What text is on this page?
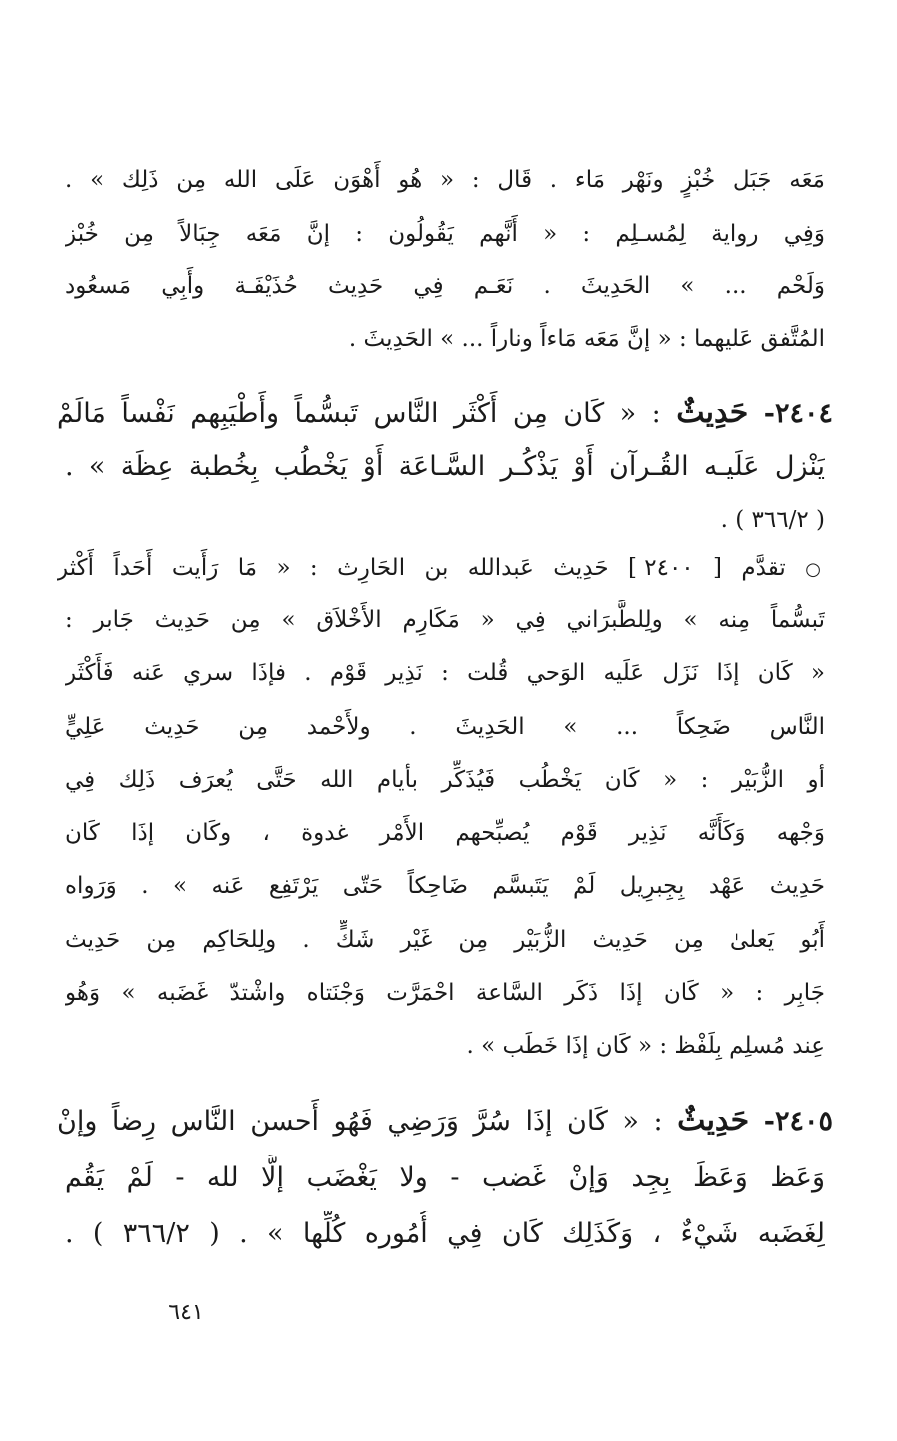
مَعَه جَبَل خُبْزٍ ونَهْر مَاء . قَال : « هُو أَهْوَن عَلَى الله مِن ذَلِك » .
وَفِي رواية لِمُسـلِم : « أَنَّهم يَقُولُون : إنَّ مَعَه جِبَالاً مِن خُبْز
وَلَحْم ... » الحَدِيثَ . نَعَـم فِي حَدِيث حُذَيْفَـة وأَبِي مَسعُود
المُتَّفق عَليهما : « إنَّ مَعَه مَاءاً وناراً ... » الحَدِيثَ .
٢٤٠٤- حَدِيثٌ : « كَان مِن أَكْثَر النَّاس تَبسُّماً وأَطْيَبِهم نَفْساً مَالَمْ
يَنْزل عَلَيـه القُـرآن أَوْ يَذْكُـر السَّـاعَة أَوْ يَخْطُب بِخُطبة عِظَة » .
( ٣٦٦/٢ ) .
○ تقدَّم [ ٢٤٠٠ ] حَدِيث عَبدالله بن الحَارِث : « مَا رَأَيت أَحَداً أَكْثر
تَبسُّماً مِنه » ولِلطَّبرَاني فِي « مَكَارِم الأَخْلاَق » مِن حَدِيث جَابر :
« كَان إذَا نَزَل عَلَيه الوَحي قُلت : نَذِير قَوْم . فإذَا سري عَنه فَأَكْثَر
النَّاس ضَحِكاً ... » الحَدِيثَ . ولأَحْمد مِن حَدِيث عَلِيٍّ
أو الزُّبَيْر : « كَان يَخْطُب فَيُذَكِّر بأيام الله حَتَّى يُعرَف ذَلِك فِي
وَجْهه وَكَأَنَّه نَذِير قَوْم يُصبِّحهم الأَمْر غدوة ، وكَان إذَا كَان
حَدِيث عَهْد بِجِبرِيل لَمْ يَتَبسَّم ضَاحِكاً حَتّى يَرْتَفِع عَنه » . وَرَواه
أَبُو يَعلىٰ مِن حَدِيث الزُّبَيْر مِن غَيْر شَكٍّ . ولِلحَاكِم مِن حَدِيث
جَابِر : « كَان إذَا ذَكَر السَّاعة احْمَرَّت وَجْنَتاه واشْتدّ غَضَبه » وَهُو
عِند مُسلِم بِلَفْظ : « كَان إذَا خَطَب » .
٢٤٠٥- حَدِيثٌ : « كَان إذَا سُرَّ وَرَضِي فَهُو أَحسن النَّاس رِضاً وإنْ
وَعَظ وَعَظَ بِجِد وَإنْ غَضب - ولا يَغْضَب إلَّا لله - لَمْ يَقُم
لِغَضَبه شَيْءٌ ، وَكَذَلِك كَان فِي أُمُوره كُلِّها » . ( ٣٦٦/٢ ) .
٦٤١
